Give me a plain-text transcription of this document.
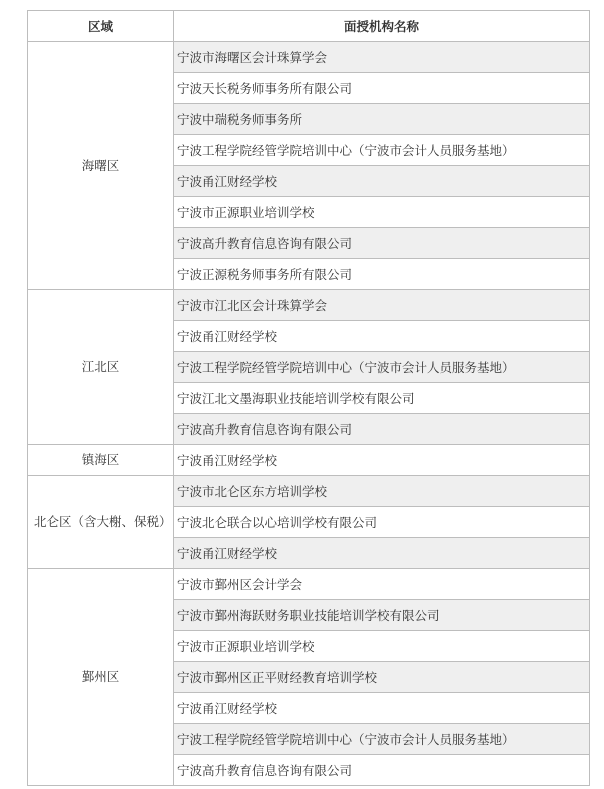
区域	面授机构名称
海曙区	宁波市海曙区会计珠算学会
	宁波天长税务师事务所有限公司
	宁波中瑞税务师事务所
	宁波工程学院经管学院培训中心（宁波市会计人员服务基地）
	宁波甬江财经学校
	宁波市正源职业培训学校
	宁波高升教育信息咨询有限公司
	宁波正源税务师事务所有限公司
江北区	宁波市江北区会计珠算学会
	宁波甬江财经学校
	宁波工程学院经管学院培训中心（宁波市会计人员服务基地）
	宁波江北文墨海职业技能培训学校有限公司
	宁波高升教育信息咨询有限公司
镇海区	宁波甬江财经学校
北仑区（含大榭、保税）	宁波市北仑区东方培训学校
	宁波北仑联合以心培训学校有限公司
	宁波甬江财经学校
鄞州区	宁波市鄞州区会计学会
	宁波市鄞州海跃财务职业技能培训学校有限公司
	宁波市正源职业培训学校
	宁波市鄞州区正平财经教育培训学校
	宁波甬江财经学校
	宁波工程学院经管学院培训中心（宁波市会计人员服务基地）
	宁波高升教育信息咨询有限公司
